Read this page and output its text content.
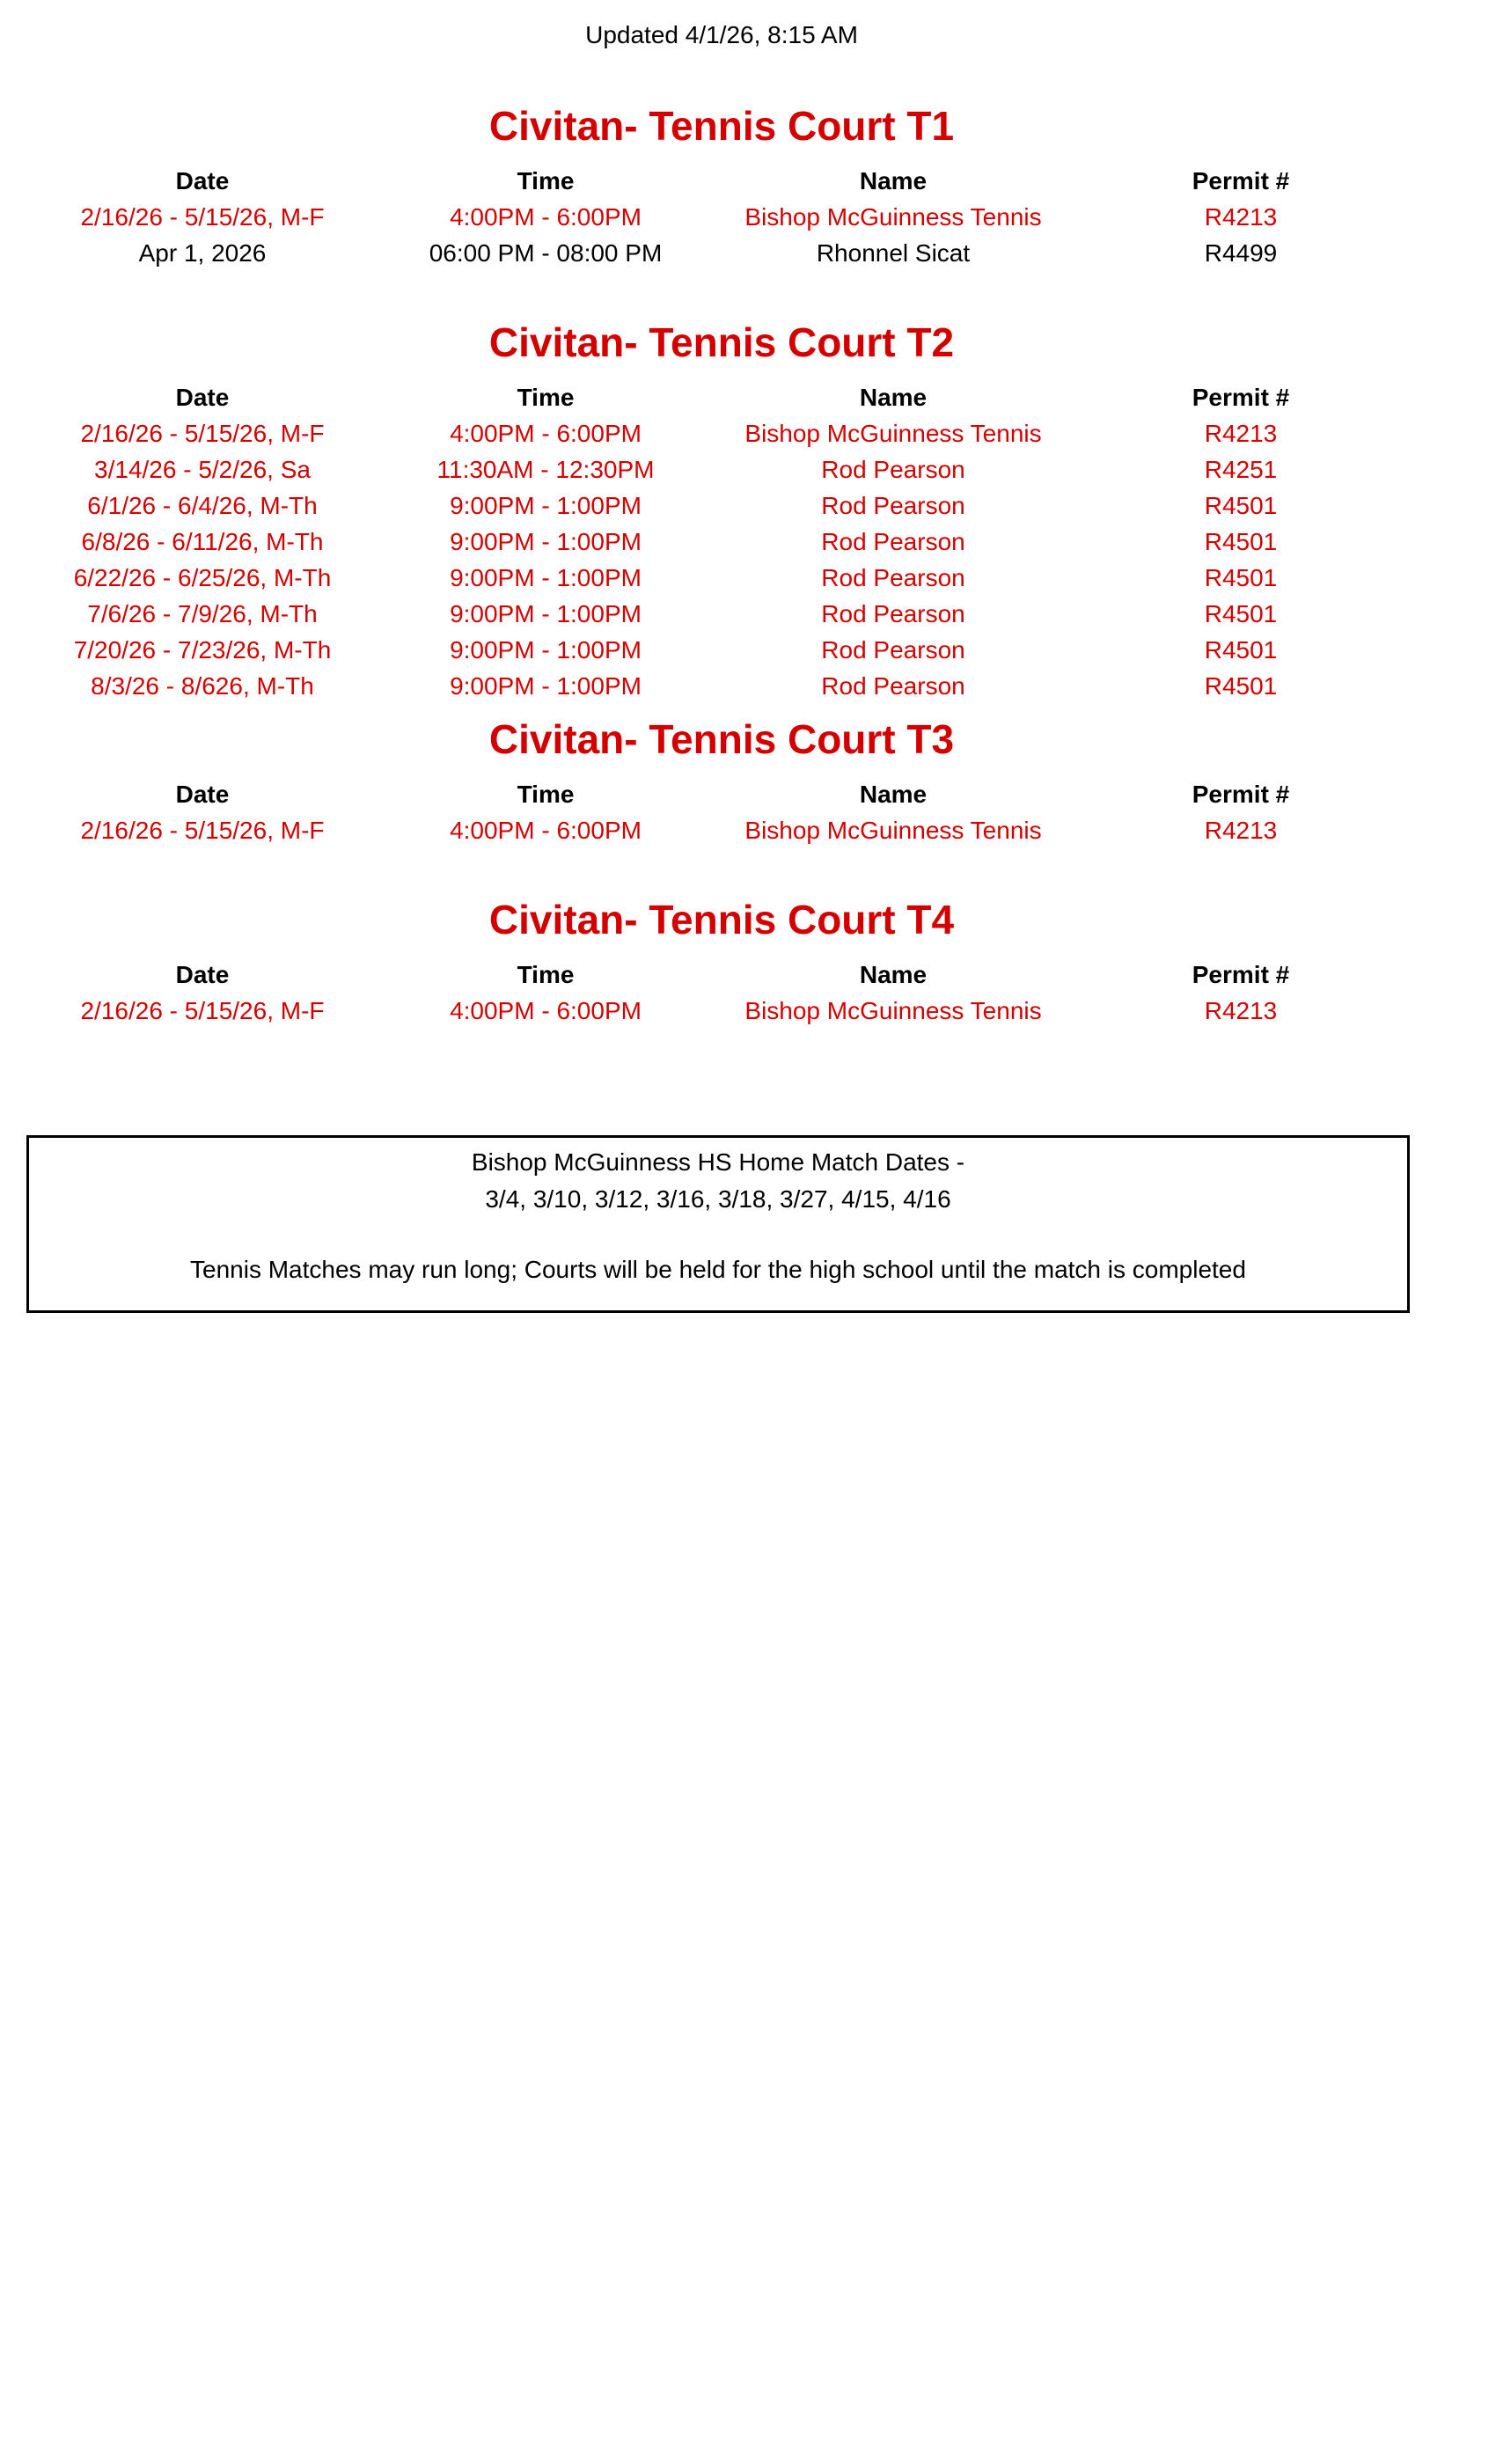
Updated 4/1/26, 8:15 AM
Civitan- Tennis Court T1
Date	Time	Name	Permit #
2/16/26 - 5/15/26, M-F	4:00PM - 6:00PM	Bishop McGuinness Tennis	R4213
Apr 1, 2026	06:00 PM - 08:00 PM	Rhonnel Sicat	R4499
Civitan- Tennis Court T2
Date	Time	Name	Permit #
2/16/26 - 5/15/26, M-F	4:00PM - 6:00PM	Bishop McGuinness Tennis	R4213
3/14/26 - 5/2/26, Sa	11:30AM - 12:30PM	Rod Pearson	R4251
6/1/26 - 6/4/26, M-Th	9:00PM - 1:00PM	Rod Pearson	R4501
6/8/26 - 6/11/26, M-Th	9:00PM - 1:00PM	Rod Pearson	R4501
6/22/26 - 6/25/26, M-Th	9:00PM - 1:00PM	Rod Pearson	R4501
7/6/26 - 7/9/26, M-Th	9:00PM - 1:00PM	Rod Pearson	R4501
7/20/26 - 7/23/26, M-Th	9:00PM - 1:00PM	Rod Pearson	R4501
8/3/26 - 8/626, M-Th	9:00PM - 1:00PM	Rod Pearson	R4501
Civitan- Tennis Court T3
Date	Time	Name	Permit #
2/16/26 - 5/15/26, M-F	4:00PM - 6:00PM	Bishop McGuinness Tennis	R4213
Civitan- Tennis Court T4
Date	Time	Name	Permit #
2/16/26 - 5/15/26, M-F	4:00PM - 6:00PM	Bishop McGuinness Tennis	R4213
Bishop McGuinness HS Home Match Dates -
3/4, 3/10, 3/12, 3/16, 3/18, 3/27, 4/15, 4/16
Tennis Matches may run long; Courts will be held for the high school until the match is completed
